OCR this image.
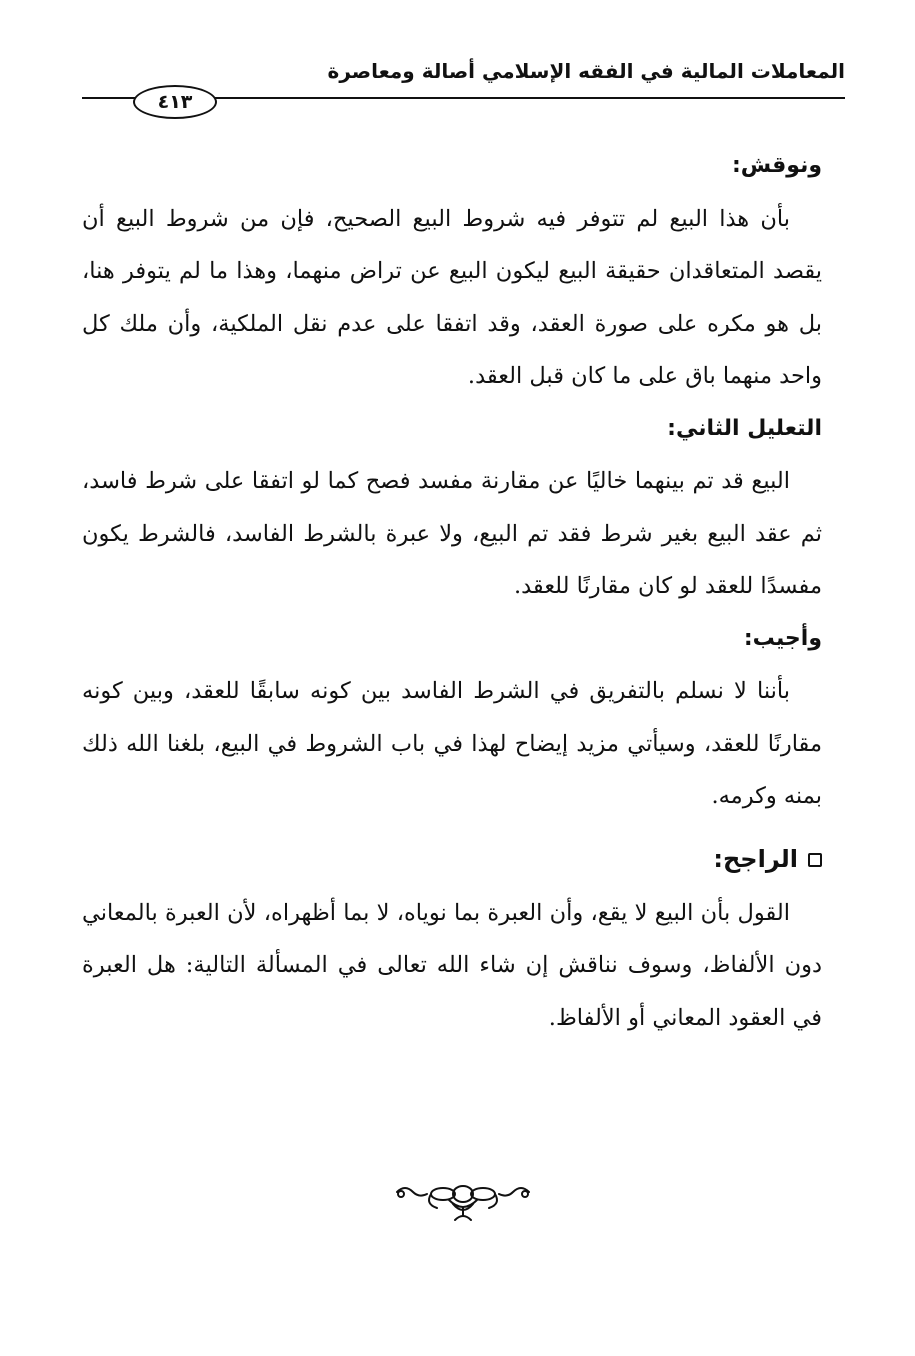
المعاملات المالية في الفقه الإسلامي أصالة ومعاصرة
٤١٣
ونوقش:

بأن هذا البيع لم تتوفر فيه شروط البيع الصحيح، فإن من شروط البيع أن يقصد المتعاقدان حقيقة البيع ليكون البيع عن تراض منهما، وهذا ما لم يتوفر هنا، بل هو مكره على صورة العقد، وقد اتفقا على عدم نقل الملكية، وأن ملك كل واحد منهما باق على ما كان قبل العقد.

التعليل الثاني:

البيع قد تم بينهما خاليًا عن مقارنة مفسد فصح كما لو اتفقا على شرط فاسد، ثم عقد البيع بغير شرط فقد تم البيع، ولا عبرة بالشرط الفاسد، فالشرط يكون مفسدًا للعقد لو كان مقارنًا للعقد.

وأجيب:

بأننا لا نسلم بالتفريق في الشرط الفاسد بين كونه سابقًا للعقد، وبين كونه مقارنًا للعقد، وسيأتي مزيد إيضاح لهذا في باب الشروط في البيع، بلغنا الله ذلك بمنه وكرمه.

الراجح:

القول بأن البيع لا يقع، وأن العبرة بما نوياه، لا بما أظهراه، لأن العبرة بالمعاني دون الألفاظ، وسوف نناقش إن شاء الله تعالى في المسألة التالية: هل العبرة في العقود المعاني أو الألفاظ.
